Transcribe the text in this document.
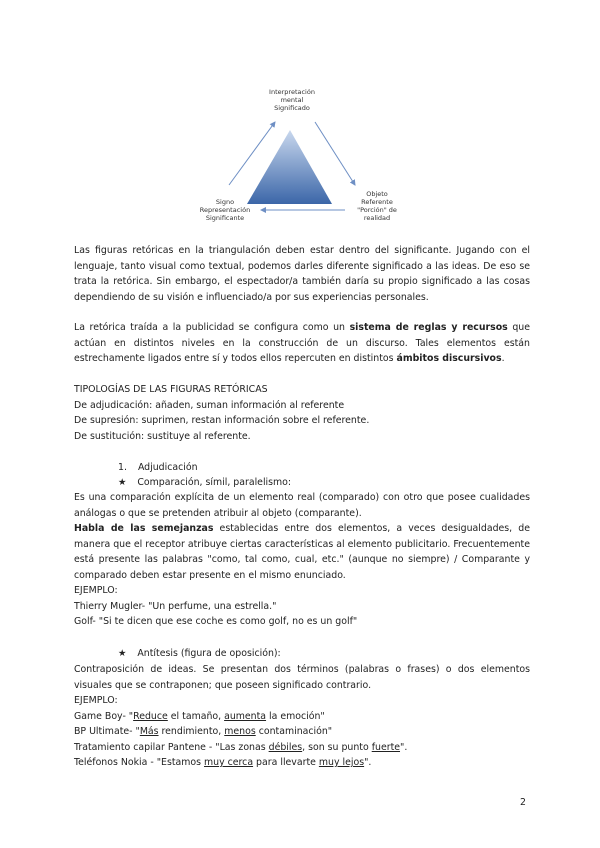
Interpretación
mental
Significado
Signo
Representación
Significante
Objeto
Referente
"Porción" de
realidad
Las figuras retóricas en la triangulación deben estar dentro del significante. Jugando con el lenguaje, tanto visual como textual, podemos darles diferente significado a las ideas. De eso se trata la retórica. Sin embargo, el espectador/a también daría su propio significado a las cosas dependiendo de su visión e influenciado/a por sus experiencias personales.
La retórica traída a la publicidad se configura como un sistema de reglas y recursos que actúan en distintos niveles en la construcción de un discurso. Tales elementos están estrechamente ligados entre sí y todos ellos repercuten en distintos ámbitos discursivos.
TIPOLOGÍAS DE LAS FIGURAS RETÓRICAS
De adjudicación: añaden, suman información al referente
De supresión: suprimen, restan información sobre el referente.
De sustitución: sustituye al referente.
1. Adjudicación
★ Comparación, símil, paralelismo:
Es una comparación explícita de un elemento real (comparado) con otro que posee cualidades análogas o que se pretenden atribuir al objeto (comparante).
Habla de las semejanzas establecidas entre dos elementos, a veces desigualdades, de manera que el receptor atribuye ciertas características al elemento publicitario. Frecuentemente está presente las palabras "como, tal como, cual, etc." (aunque no siempre) / Comparante y comparado deben estar presente en el mismo enunciado.
EJEMPLO:
Thierry Mugler- "Un perfume, una estrella."
Golf- "Si te dicen que ese coche es como golf, no es un golf"
★ Antítesis (figura de oposición):
Contraposición de ideas. Se presentan dos términos (palabras o frases) o dos elementos visuales que se contraponen; que poseen significado contrario.
EJEMPLO:
Game Boy- "Reduce el tamaño, aumenta la emoción"
BP Ultimate- "Más rendimiento, menos contaminación"
Tratamiento capilar Pantene - "Las zonas débiles, son su punto fuerte".
Teléfonos Nokia - "Estamos muy cerca para llevarte muy lejos".
2
